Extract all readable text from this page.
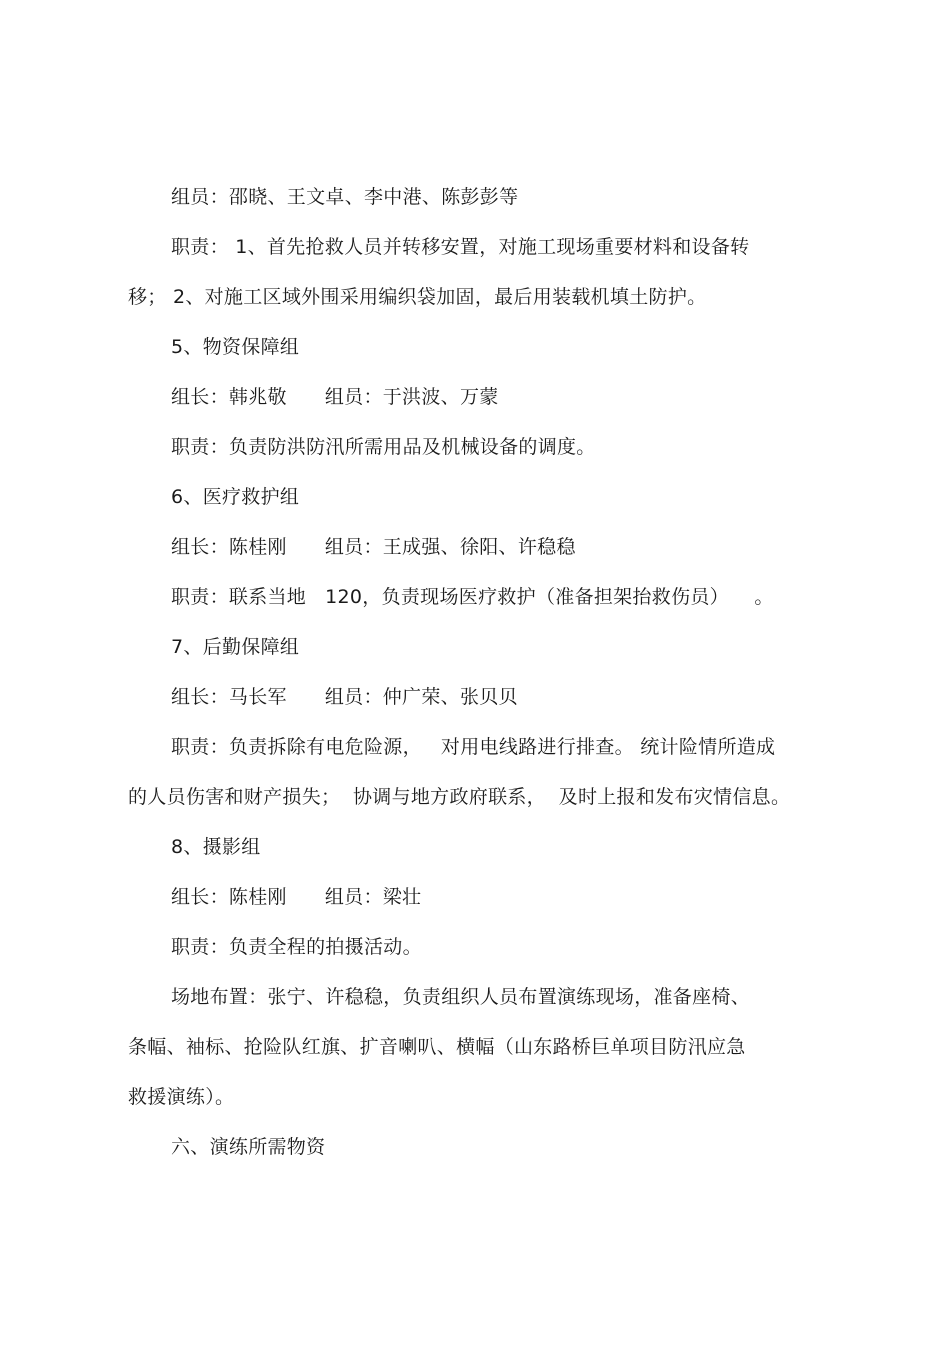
组员：邵晓、王文卓、李中港、陈彭彭等
职责： 1、首先抢救人员并转移安置，对施工现场重要材料和设备转
移； 2、对施工区域外围采用编织袋加固，最后用装载机填土防护。
5、物资保障组
组长：韩兆敬      组员：于洪波、万蒙
职责：负责防洪防汛所需用品及机械设备的调度。
6、医疗救护组
组长：陈桂刚      组员：王成强、徐阳、许稳稳
职责：联系当地   120，负责现场医疗救护（准备担架抬救伤员）    。
7、后勤保障组
组长：马长军      组员：仲广荣、张贝贝
职责：负责拆除有电危险源，   对用电线路进行排查。 统计险情所造成
的人员伤害和财产损失；  协调与地方政府联系，  及时上报和发布灾情信息。
8、摄影组
组长：陈桂刚      组员：梁壮
职责：负责全程的拍摄活动。
场地布置：张宁、许稳稳，负责组织人员布置演练现场，准备座椅、
条幅、袖标、抢险队红旗、扩音喇叭、横幅（山东路桥巨单项目防汛应急
救援演练）。
六、演练所需物资
